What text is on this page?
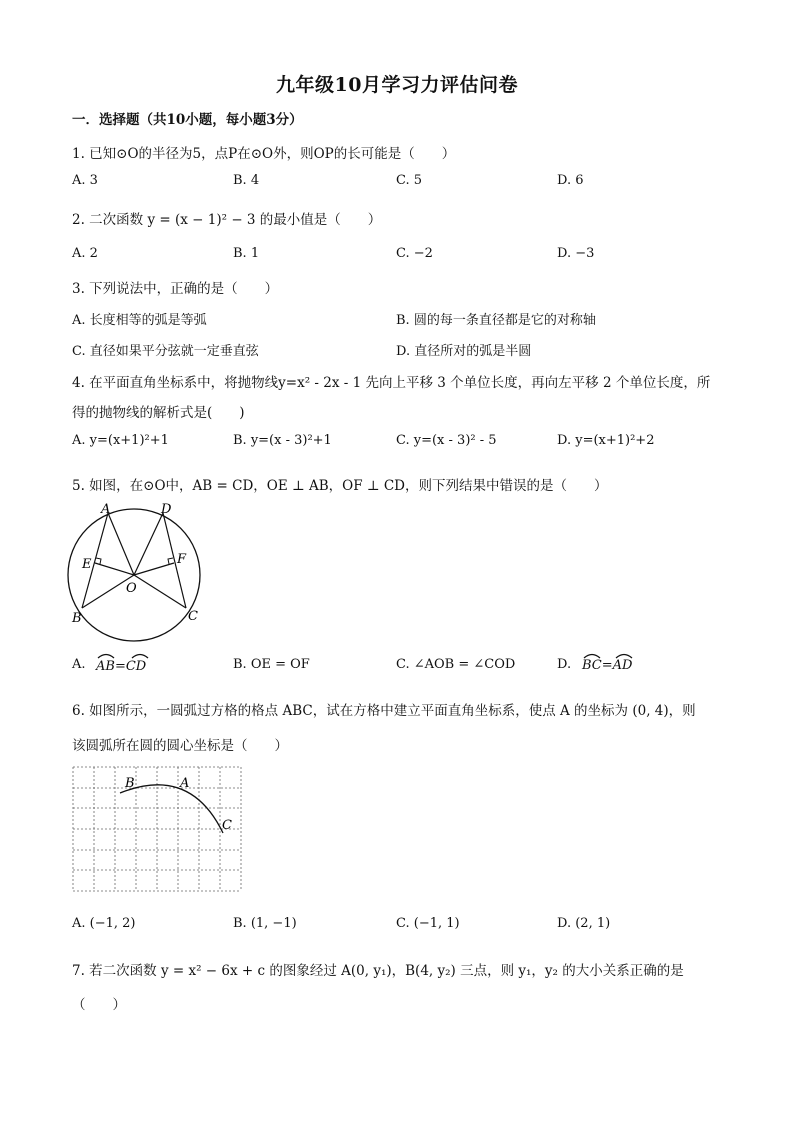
九年级10月学习力评估问卷
一．选择题（共10小题，每小题3分）
1. 已知⊙O的半径为5，点P在⊙O外，则OP的长可能是（　　）
A. 3	B. 4	C. 5	D. 6
2. 二次函数 y = (x − 1)² − 3 的最小值是（　　）
A. 2	B. 1	C. −2	D. −3
3. 下列说法中，正确的是（　　）
A. 长度相等的弧是等弧	B. 圆的每一条直径都是它的对称轴
C. 直径如果平分弦就一定垂直弦	D. 直径所对的弧是半圆
4. 在平面直角坐标系中，将抛物线y=x² - 2x - 1 先向上平移 3 个单位长度，再向左平移 2 个单位长度，所
得的抛物线的解析式是(　　)
A. y=(x+1)²+1	B. y=(x - 3)²+1	C. y=(x - 3)² - 5	D. y=(x+1)²+2
5. 如图，在⊙O中，AB = CD，OE ⊥ AB，OF ⊥ CD，则下列结果中错误的是（　　）
A	D
E	F
O
B	C
A. AB=CD	B. OE = OF	C. ∠AOB = ∠COD	D. BC=AD
6. 如图所示，一圆弧过方格的格点 ABC，试在方格中建立平面直角坐标系，使点 A 的坐标为 (0, 4)，则
该圆弧所在圆的圆心坐标是（　　）
B	A
C
A. (−1, 2)	B. (1, −1)	C. (−1, 1)	D. (2, 1)
7. 若二次函数 y = x² − 6x + c 的图象经过 A(0, y₁)，B(4, y₂) 三点，则 y₁，y₂ 的大小关系正确的是
（　　）
